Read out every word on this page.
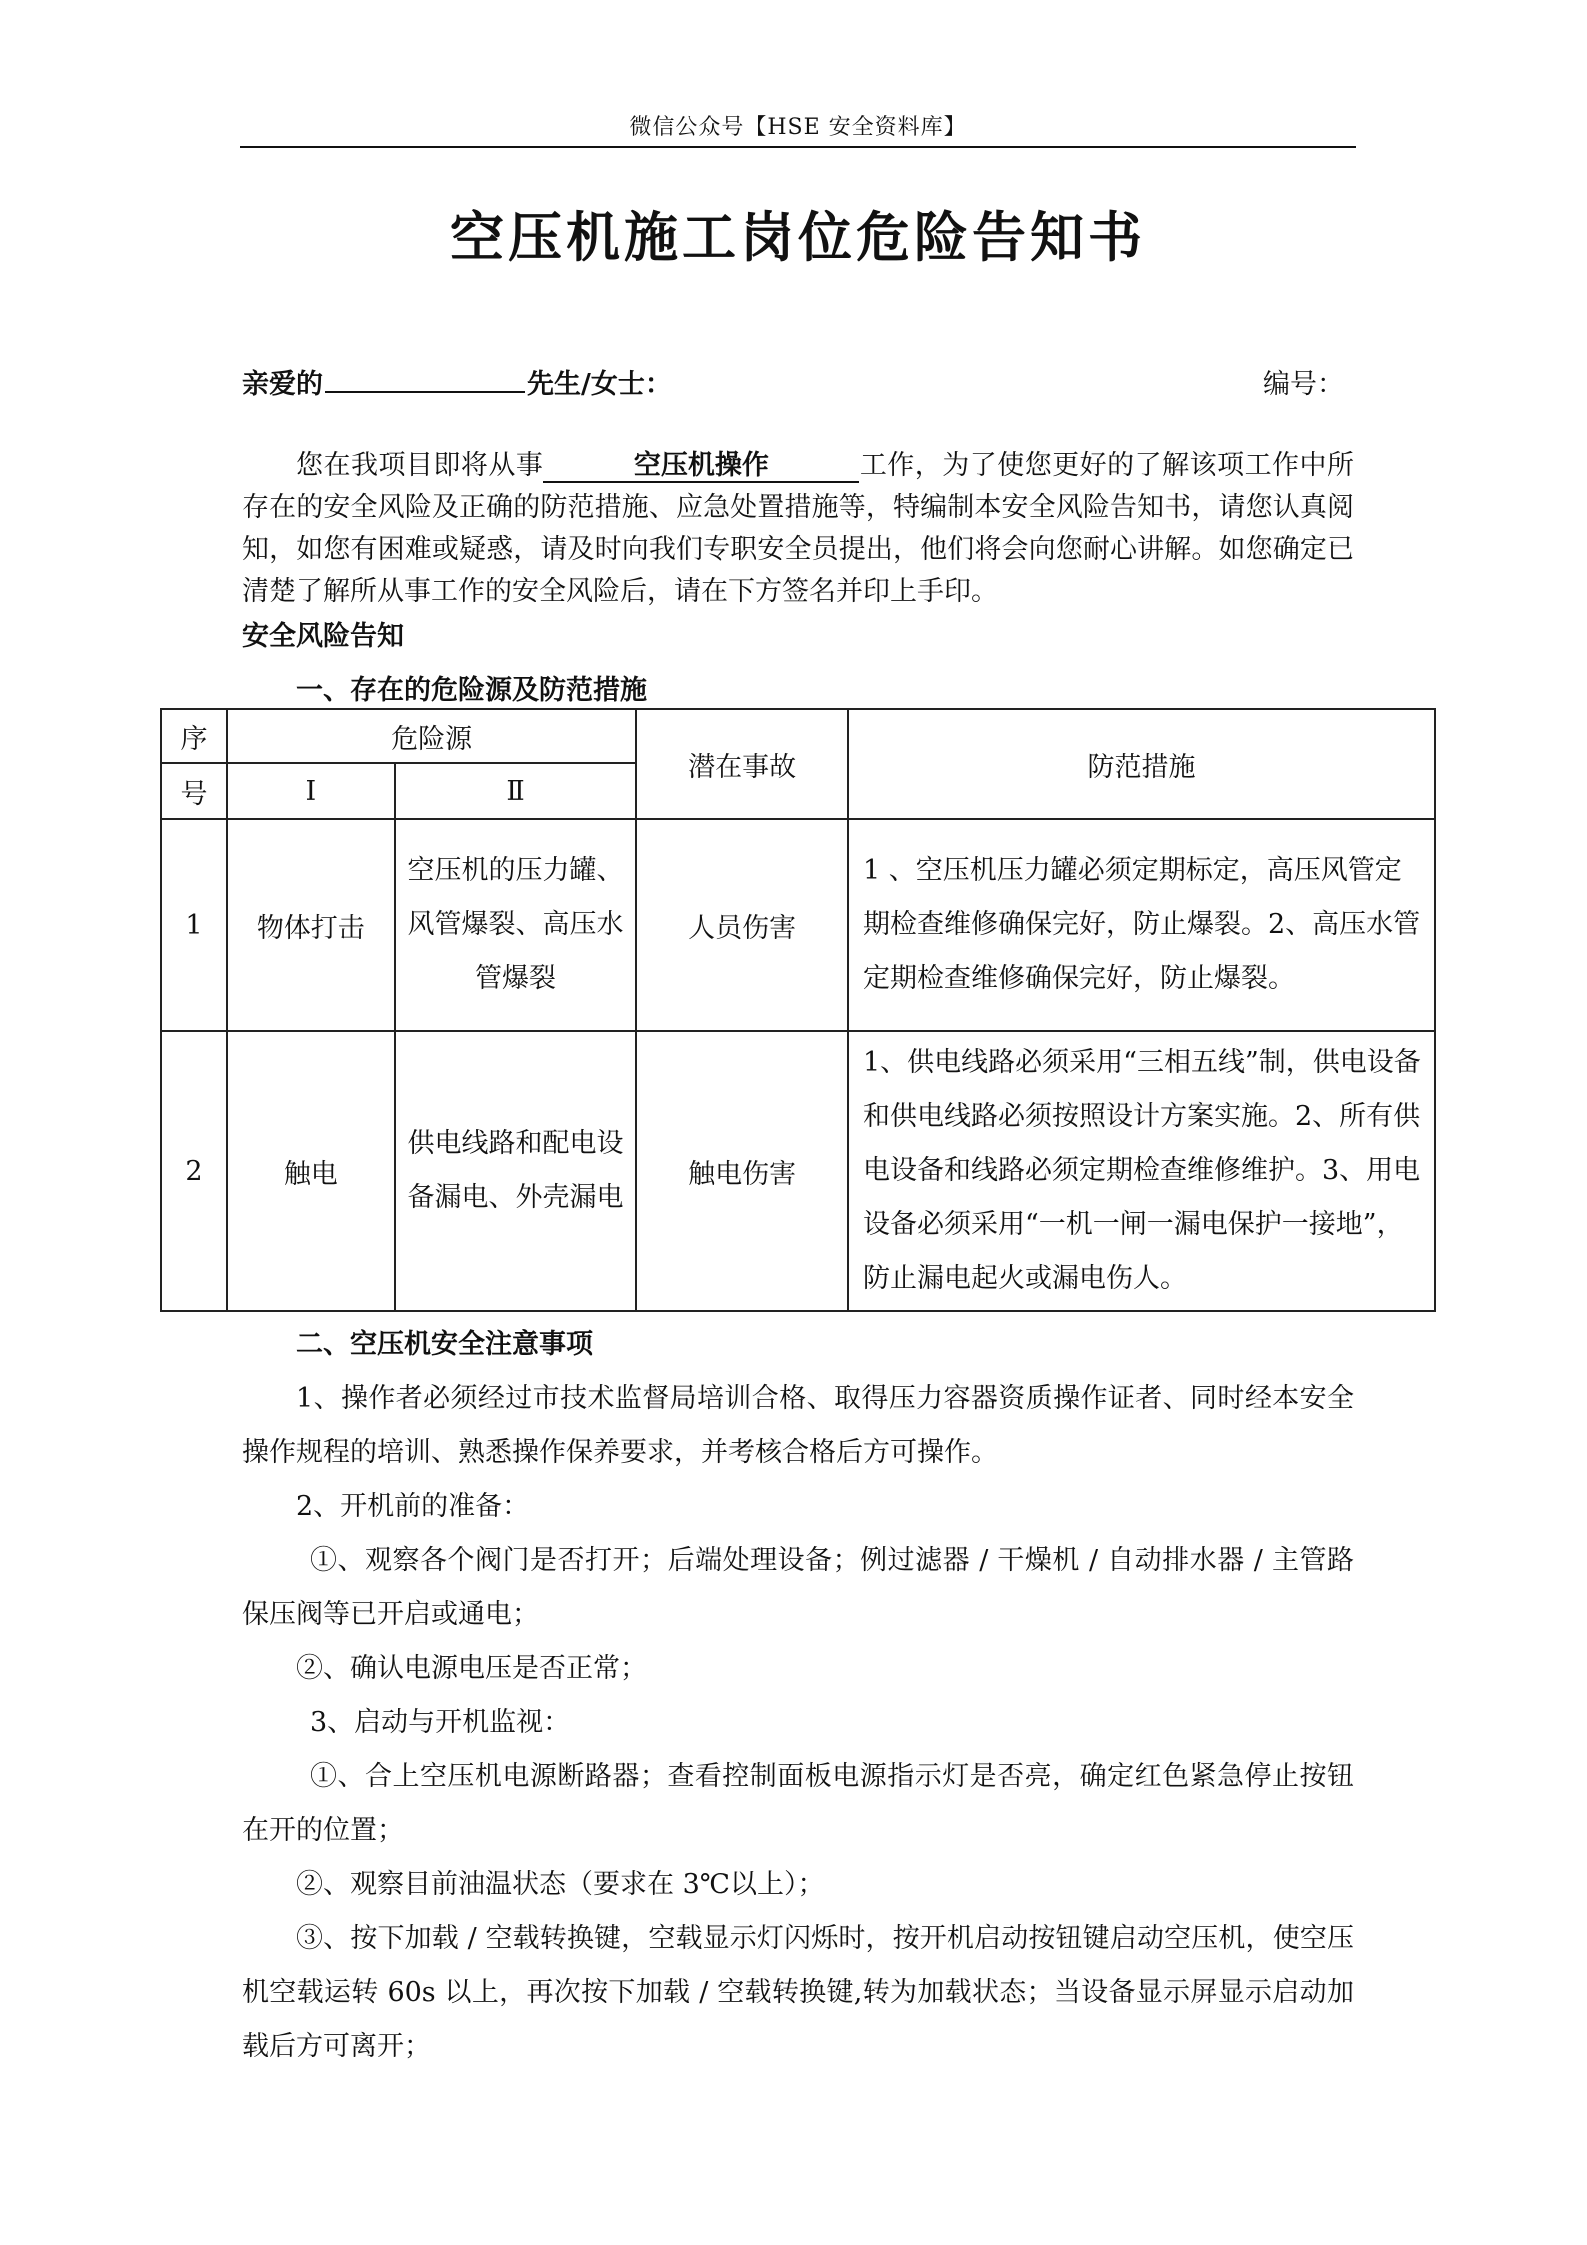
微信公众号【HSE 安全资料库】
空压机施工岗位危险告知书
亲爱的	先生/女士：	编号：

您在我项目即将从事	空压机操作	工作，为了使您更好的了解该项工作中所存在的安全风险及正确的防范措施、应急处置措施等，特编制本安全风险告知书，请您认真阅知，如您有困难或疑惑，请及时向我们专职安全员提出，他们将会向您耐心讲解。如您确定已清楚了解所从事工作的安全风险后，请在下方签名并印上手印。

安全风险告知
一、存在的危险源及防范措施
序	危险源		潜在事故	防范措施
号	Ⅰ	Ⅱ		
1	物体打击	空压机的压力罐、风管爆裂、高压水管爆裂	人员伤害	1 、空压机压力罐必须定期标定，高压风管定期检查维修确保完好，防止爆裂。2、高压水管定期检查维修确保完好，防止爆裂。
2	触电	供电线路和配电设备漏电、外壳漏电	触电伤害	1、供电线路必须采用“三相五线”制，供电设备和供电线路必须按照设计方案实施。2、所有供电设备和线路必须定期检查维修维护。3、用电设备必须采用“一机一闸一漏电保护一接地”，防止漏电起火或漏电伤人。

二、空压机安全注意事项

1、操作者必须经过市技术监督局培训合格、取得压力容器资质操作证者、同时经本安全操作规程的培训、熟悉操作保养要求，并考核合格后方可操作。

2、开机前的准备：

①、观察各个阀门是否打开；后端处理设备；例过滤器 / 干燥机 / 自动排水器 / 主管路保压阀等已开启或通电；

②、确认电源电压是否正常；

3、启动与开机监视：

①、合上空压机电源断路器；查看控制面板电源指示灯是否亮，确定红色紧急停止按钮在开的位置；

②、观察目前油温状态（要求在 3℃以上）；

③、按下加载 / 空载转换键，空载显示灯闪烁时，按开机启动按钮键启动空压机，使空压机空载运转 60s 以上，再次按下加载 / 空载转换键,转为加载状态；当设备显示屏显示启动加载后方可离开；
